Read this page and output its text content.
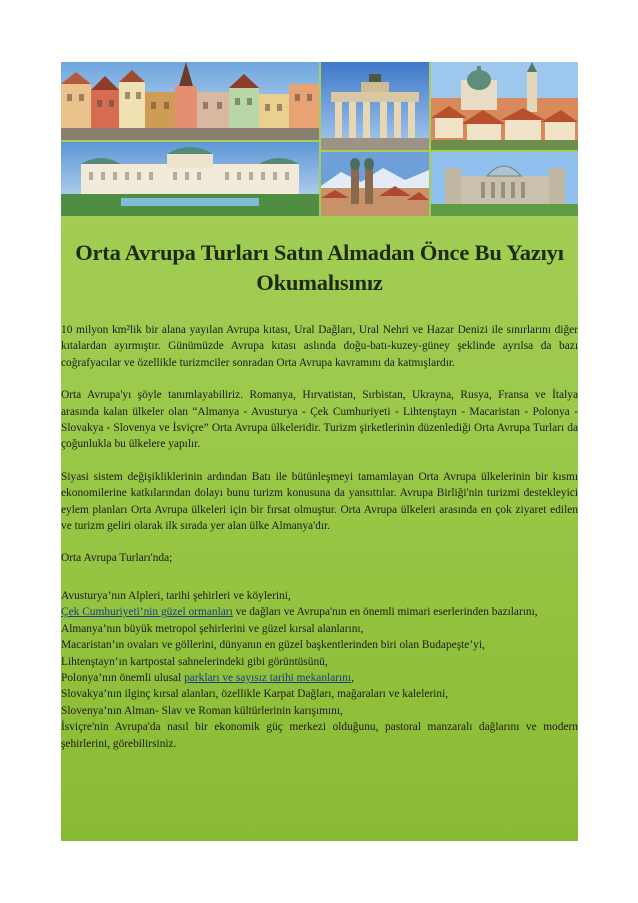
Orta Avrupa Turları Satın Almadan Önce Bu Yazıyı Okumalısınız

10 milyon km²lik bir alana yayılan Avrupa kıtası, Ural Dağları, Ural Nehri ve Hazar Denizi ile sınırlarını diğer kıtalardan ayırmıştır. Günümüzde Avrupa kıtası aslında doğu-batı-kuzey-güney şeklinde ayrılsa da bazı coğrafyacılar ve özellikle turizmciler sonradan Orta Avrupa kavramını da katmışlardır.

Orta Avrupa'yı şöyle tanımlayabiliriz. Romanya, Hırvatistan, Sırbistan, Ukrayna, Rusya, Fransa ve İtalya arasında kalan ülkeler olan “Almanya - Avusturya - Çek Cumhuriyeti - Lihtenştayn - Macaristan - Polonya - Slovakya - Slovenya ve İsviçre” Orta Avrupa ülkeleridir. Turizm şirketlerinin düzenlediği Orta Avrupa Turları da çoğunlukla bu ülkelere yapılır.

Siyasi sistem değişikliklerinin ardından Batı ile bütünleşmeyi tamamlayan Orta Avrupa ülkelerinin bir kısmı ekonomilerine katkılarından dolayı bunu turizm konusuna da yansıttılar. Avrupa Birliği'nin turizmi destekleyici eylem planları Orta Avrupa ülkeleri için bir fırsat olmuştur. Orta Avrupa ülkeleri arasında en çok ziyaret edilen ve turizm geliri olarak ilk sırada yer alan ülke Almanya'dır.

Orta Avrupa Turları'nda;

Avusturya’nın Alpleri, tarihi şehirleri ve köylerini,

Çek Cumhuriyeti’nin güzel ormanları ve dağları ve Avrupa'nın en önemli mimari eserlerinden bazılarını,

Almanya’nın büyük metropol şehirlerini ve güzel kırsal alanlarını,

Macaristan’ın ovaları ve göllerini, dünyanın en güzel başkentlerinden biri olan Budapeşte’yi,

Lihtenştayn’ın kartpostal sahnelerindeki gibi görüntüsünü,

Polonya’nın önemli ulusal parkları ve sayısız tarihi mekanlarını,

Slovakya’nın ilginç kırsal alanları, özellikle Karpat Dağları, mağaraları ve kalelerini,

Slovenya’nın Alman- Slav ve Roman kültürlerinin karışımını,

İsviçre'nin Avrupa'da nasıl bir ekonomik güç merkezi olduğunu, pastoral manzaralı dağlarını ve modern şehirlerini, görebilirsiniz.
